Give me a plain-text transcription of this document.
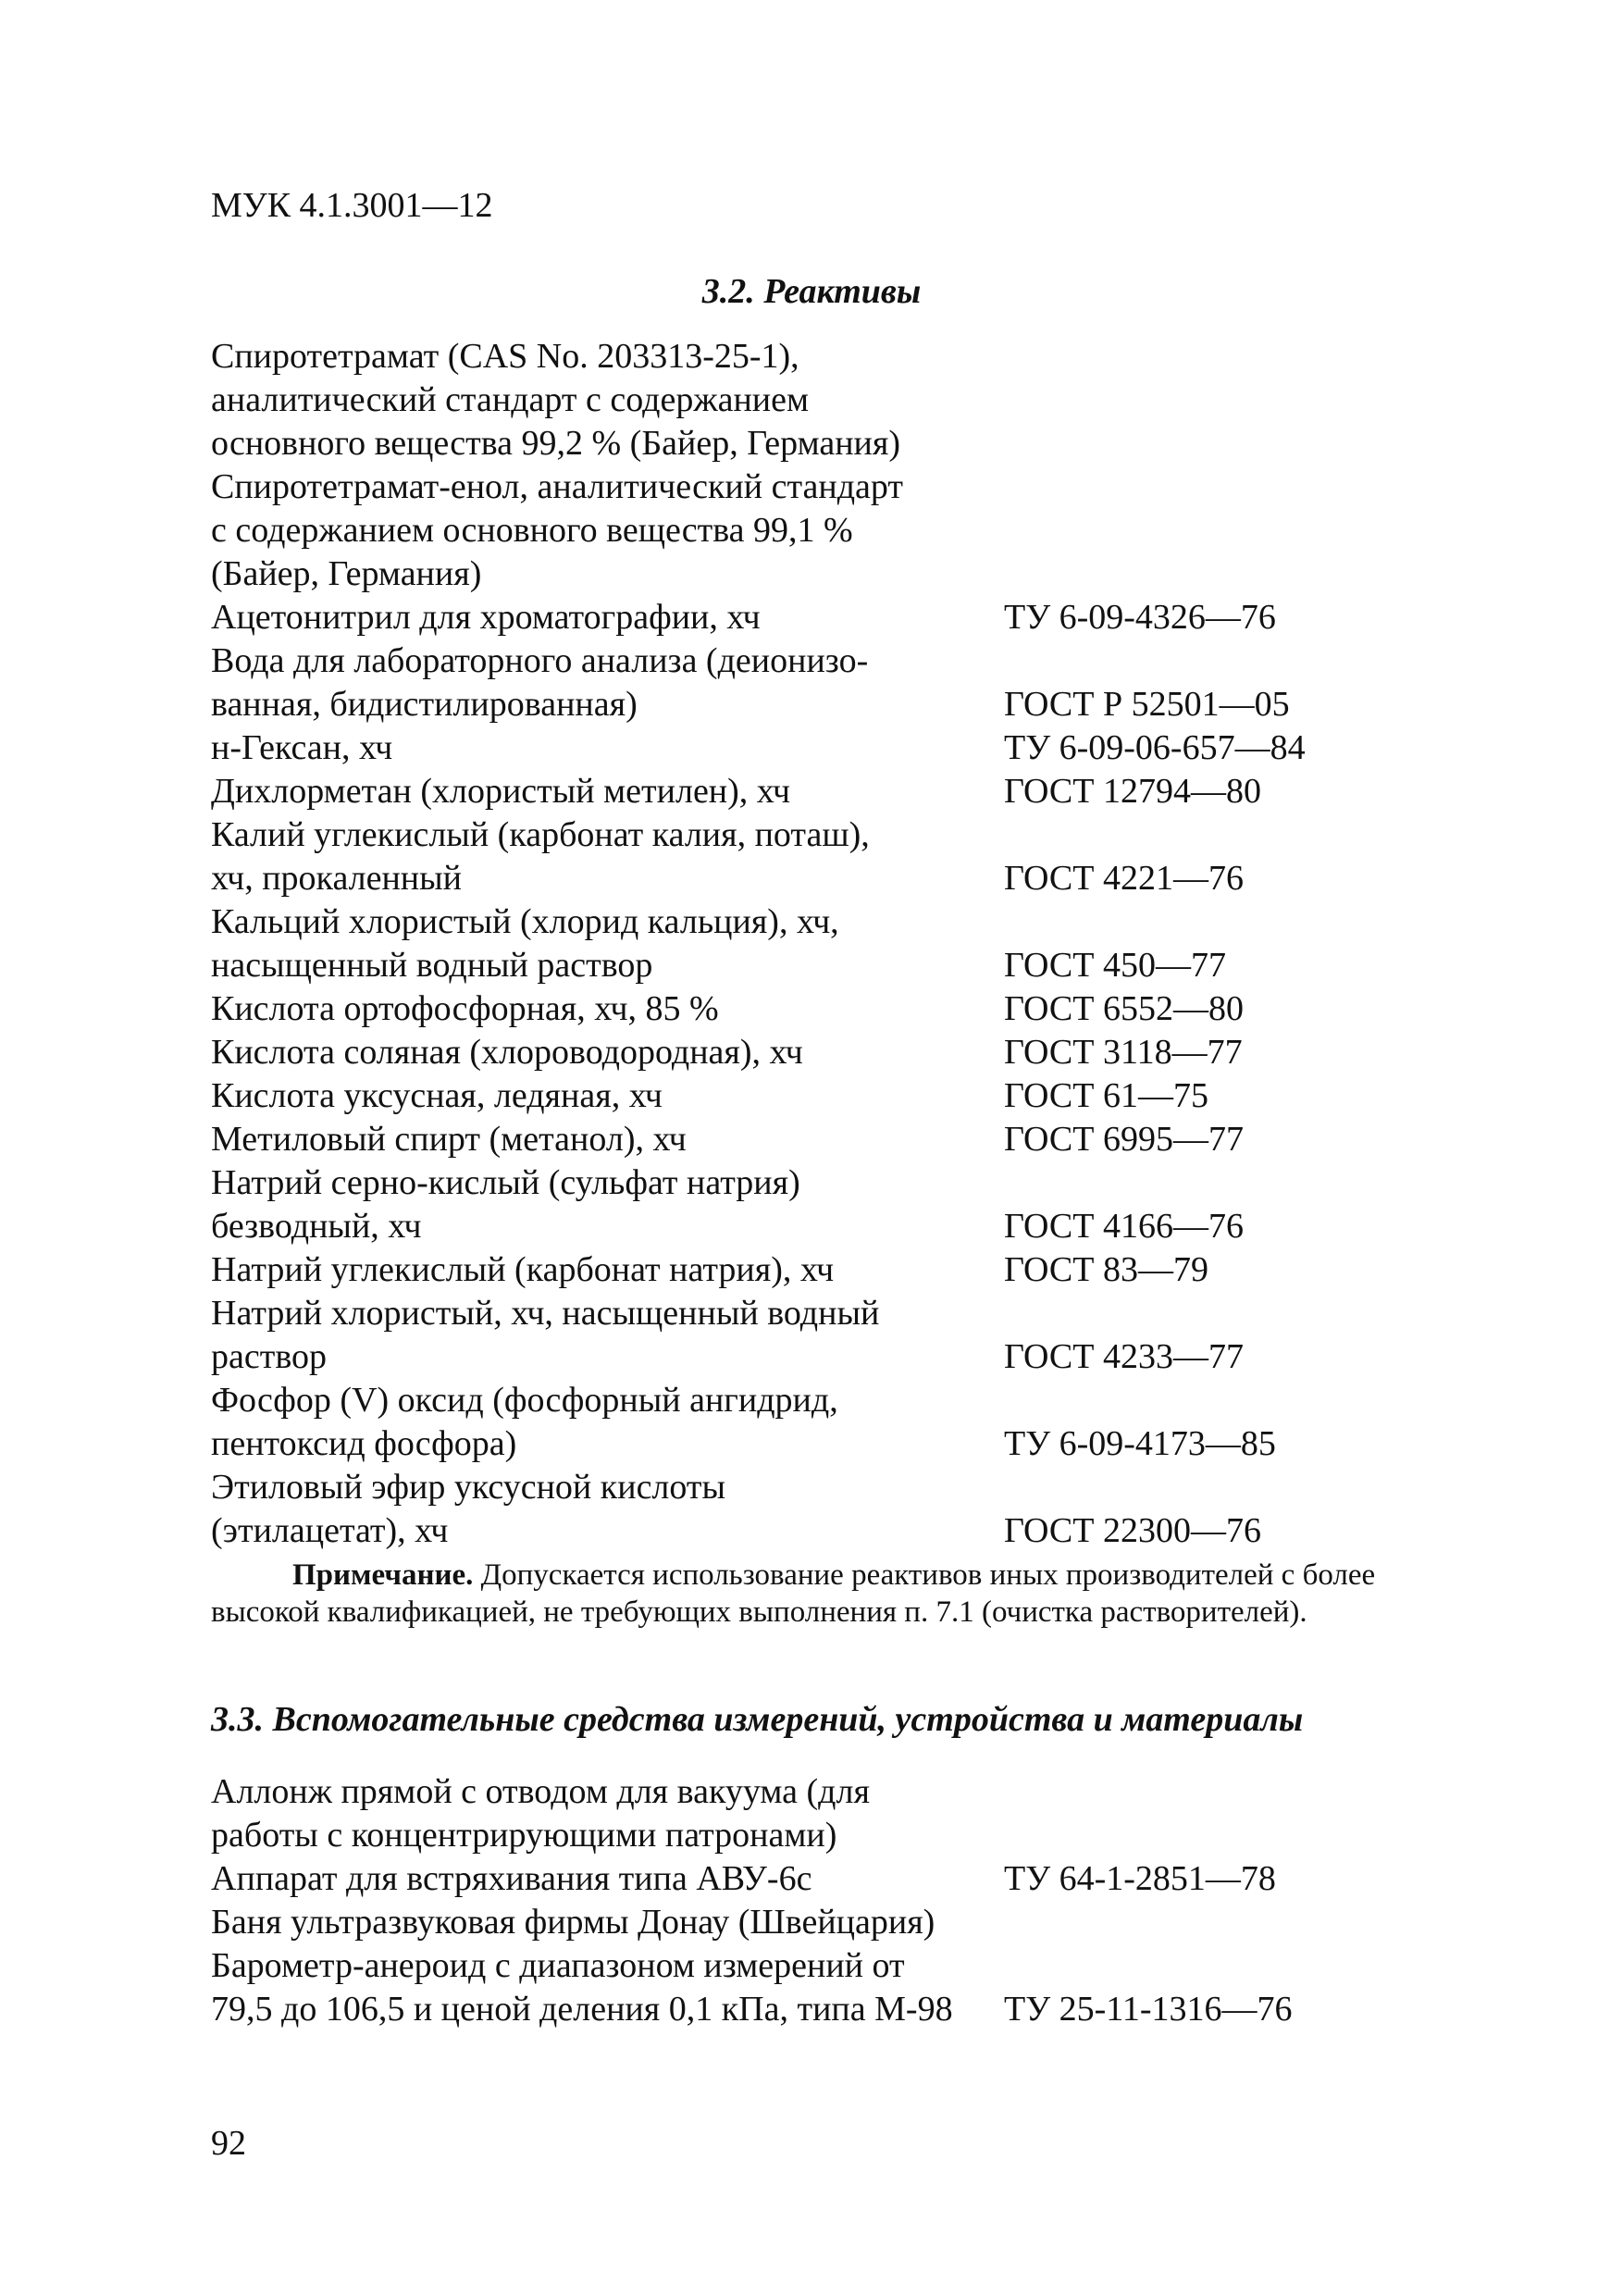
МУК 4.1.3001—12
3.2. Реактивы
Спиротетрамат (CAS No. 203313-25-1),
аналитический стандарт с содержанием
основного вещества 99,2 % (Байер, Германия)
Спиротетрамат-енол, аналитический стандарт
с содержанием основного вещества 99,1 %
(Байер, Германия)
Ацетонитрил для хроматографии, хч	ТУ 6-09-4326—76
Вода для лабораторного анализа (деионизо-
ванная, бидистилированная)	ГОСТ Р 52501—05
н-Гексан, хч	ТУ 6-09-06-657—84
Дихлорметан (хлористый метилен), хч	ГОСТ 12794—80
Калий углекислый (карбонат калия, поташ),
хч, прокаленный	ГОСТ 4221—76
Кальций хлористый (хлорид кальция), хч,
насыщенный водный раствор	ГОСТ 450—77
Кислота ортофосфорная, хч, 85 %	ГОСТ 6552—80
Кислота соляная (хлороводородная), хч	ГОСТ 3118—77
Кислота уксусная, ледяная, хч	ГОСТ 61—75
Метиловый спирт (метанол), хч	ГОСТ 6995—77
Натрий серно-кислый (сульфат натрия)
безводный, хч	ГОСТ 4166—76
Натрий углекислый (карбонат натрия), хч	ГОСТ 83—79
Натрий хлористый, хч, насыщенный водный
раствор	ГОСТ 4233—77
Фосфор (V) оксид (фосфорный ангидрид,
пентоксид фосфора)	ТУ 6-09-4173—85
Этиловый эфир уксусной кислоты
(этилацетат), хч	ГОСТ 22300—76

Примечание. Допускается использование реактивов иных производителей с более высокой квалификацией, не требующих выполнения п. 7.1 (очистка растворителей).

3.3. Вспомогательные средства измерений, устройства и материалы
Аллонж прямой с отводом для вакуума (для
работы с концентрирующими патронами)
Аппарат для встряхивания типа АВУ-6с	ТУ 64-1-2851—78
Баня ультразвуковая фирмы Донау (Швейцария)
Барометр-анероид с диапазоном измерений от
79,5 до 106,5 и ценой деления 0,1 кПа, типа М-98 ТУ 25-11-1316—76
92
